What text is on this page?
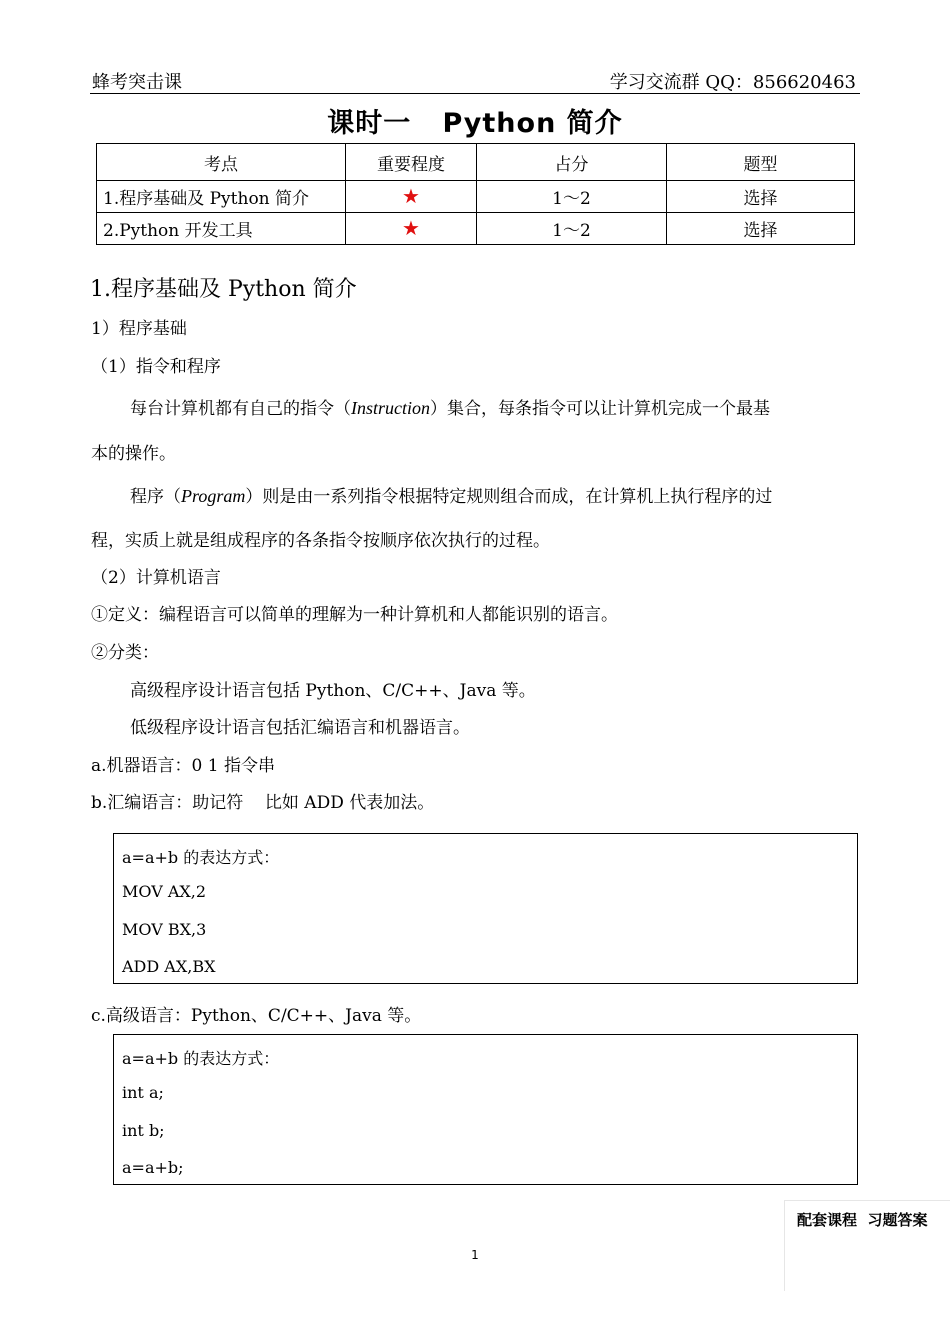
蜂考突击课	学习交流群 QQ：856620463
课时一   Python 简介
考点	重要程度	占分	题型
1.程序基础及 Python 简介	★	1～2	选择
2.Python 开发工具	★	1～2	选择
1.程序基础及 Python 简介
1）程序基础
（1）指令和程序
每台计算机都有自己的指令（Instruction）集合，每条指令可以让计算机完成一个最基
本的操作。
程序（Program）则是由一系列指令根据特定规则组合而成，在计算机上执行程序的过
程，实质上就是组成程序的各条指令按顺序依次执行的过程。
（2）计算机语言
①定义：编程语言可以简单的理解为一种计算机和人都能识别的语言。
②分类：
高级程序设计语言包括 Python、C/C++、Java 等。
低级程序设计语言包括汇编语言和机器语言。
a.机器语言：0 1 指令串
b.汇编语言：助记符    比如 ADD 代表加法。
a=a+b 的表达方式：
MOV AX,2
MOV BX,3
ADD AX,BX
c.高级语言：Python、C/C++、Java 等。
a=a+b 的表达方式：
int a;
int b;
a=a+b;
配套课程  习题答案
1
